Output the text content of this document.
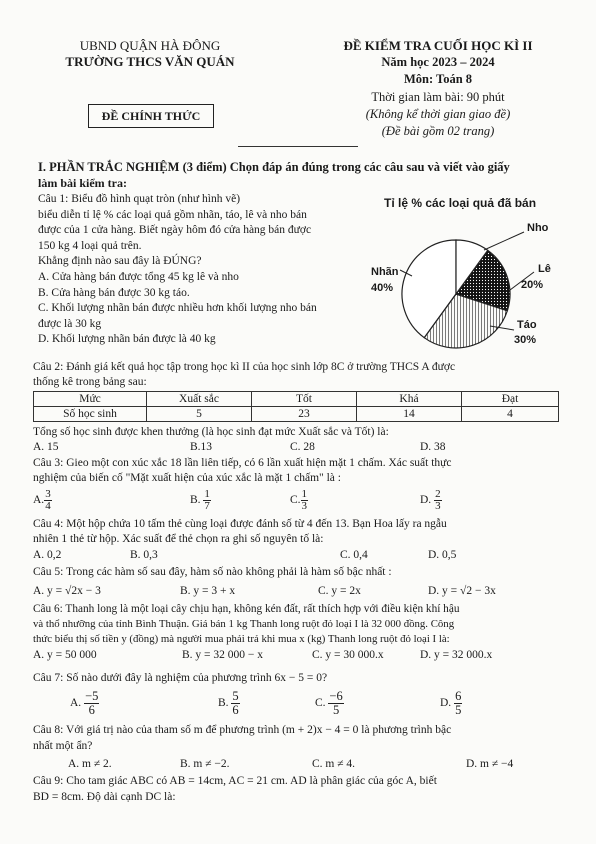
UBND QUẬN HÀ ĐÔNG
TRƯỜNG THCS VĂN QUÁN
ĐỀ CHÍNH THỨC
ĐỀ KIỂM TRA CUỐI HỌC KÌ II
Năm học 2023 – 2024
Môn: Toán 8
Thời gian làm bài: 90 phút
(Không kể thời gian giao đề)
(Đề bài gồm 02 trang)
I. PHẦN TRẮC NGHIỆM (3 điểm) Chọn đáp án đúng trong các câu sau và viết vào giấy
làm bài kiểm tra:
Câu 1: Biểu đồ hình quạt tròn (như hình vẽ)
biểu diễn tỉ lệ % các loại quả gồm nhãn, táo, lê và nho bán
được của 1 cửa hàng. Biết ngày hôm đó cửa hàng bán được
150 kg 4 loại quả trên.
Khẳng định nào sau đây là ĐÚNG?
A. Cửa hàng bán được tổng 45 kg lê và nho
B. Cửa hàng bán được 30 kg táo.
C. Khối lượng nhãn bán được nhiều hơn khối lượng nho bán
được là 30 kg
D. Khối lượng nhãn bán được là 40 kg
Tỉ lệ % các loại quả đã bán
Nhãn
40%
Nho
Lê
20%
Táo
30%
Câu 2: Đánh giá kết quả học tập trong học kì II của học sinh lớp 8C ở trường THCS A được
thống kê trong bảng sau:
Mức	Xuất sắc	Tốt	Khá	Đạt
Số học sinh	5	23	14	4
Tổng số học sinh được khen thưởng (là học sinh đạt mức Xuất sắc và Tốt) là:
A. 15	B.13	C. 28	D. 38
Câu 3: Gieo một con xúc xắc 18 lần liên tiếp, có 6 lần xuất hiện mặt 1 chấm. Xác suất thực
nghiệm của biến cố "Mặt xuất hiện của xúc xắc là mặt 1 chấm" là :
A. $\frac{3}{4}$	B. $\frac{1}{7}$	C. $\frac{1}{3}$	D. $\frac{2}{3}$
Câu 4: Một hộp chứa 10 tấm thẻ cùng loại được đánh số từ 4 đến 13. Bạn Hoa lấy ra ngẫu
nhiên 1 thẻ từ hộp. Xác suất để thẻ chọn ra ghi số nguyên tố là:
A. 0,2	B. 0,3	C. 0,4	D. 0,5
Câu 5: Trong các hàm số sau đây, hàm số nào không phải là hàm số bậc nhất :
A. y = √2x − 3	B. y = 3 + x	C. y = 2x	D. y = √2 − 3x
Câu 6: Thanh long là một loại cây chịu hạn, không kén đất, rất thích hợp với điều kiện khí hậu
và thổ nhưỡng của tỉnh Bình Thuận. Giá bán 1 kg Thanh long ruột đỏ loại I là 32 000 đồng. Công
thức biểu thị số tiền y (đồng) mà người mua phải trả khi mua x (kg) Thanh long ruột đỏ loại I là:
A. y = 50 000	B. y = 32 000 − x	C. y = 30 000.x	D. y = 32 000.x
Câu 7: Số nào dưới đây là nghiệm của phương trình 6x − 5 = 0?
A. $\frac{-5}{6}$	B. $\frac{5}{6}$	C. $\frac{-6}{5}$	D. $\frac{6}{5}$
Câu 8: Với giá trị nào của tham số m để phương trình (m + 2)x − 4 = 0 là phương trình bậc
nhất một ẩn?
A. m ≠ 2.	B. m ≠ −2.	C. m ≠ 4.	D. m ≠ −4
Câu 9: Cho tam giác ABC có AB = 14cm, AC = 21 cm. AD là phân giác của góc A, biết
BD = 8cm. Độ dài cạnh DC là:
